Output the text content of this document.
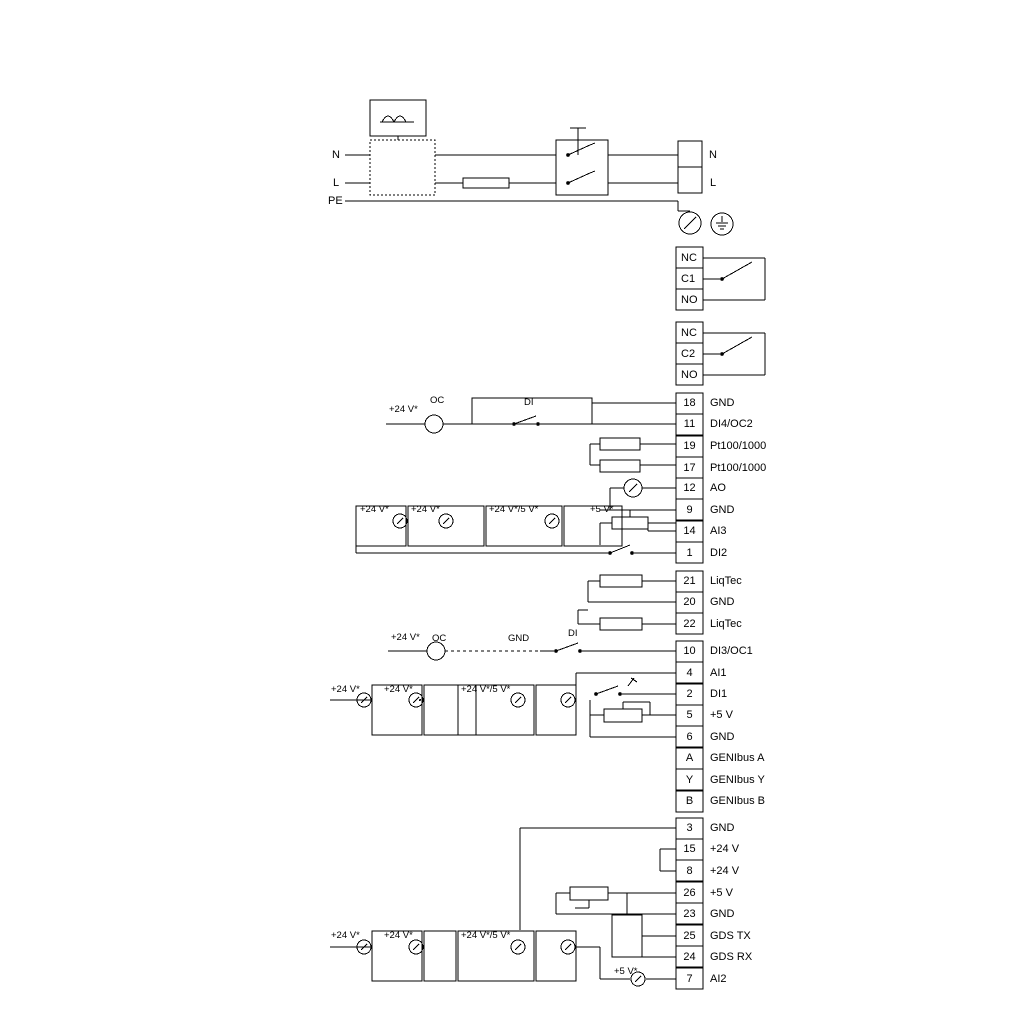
N
L
PE
N
L
NC
C1
NO
NC
C2
NO
18	GND
11	DI4/OC2
19	Pt100/1000
17	Pt100/1000
12	AO
9	GND
14	AI3
1	DI2
21	LiqTec
20	GND
22	LiqTec
10	DI3/OC1
4	AI1
2	DI1
5	+5 V
6	GND
A	GENIbus A
Y	GENIbus Y
B	GENIbus B
3	GND
15	+24 V
8	+24 V
26	+5 V
23	GND
25	GDS TX
24	GDS RX
7	AI2
+24 V*
OC	DI
+24 V* +24 V*	+24 V*/5 V*	+5 V*
+24 V* OC	GND	DI
+24 V*	+24 V*	+24 V*/5 V*
+24 V*	+24 V*	+24 V*/5 V*
+5 V*
